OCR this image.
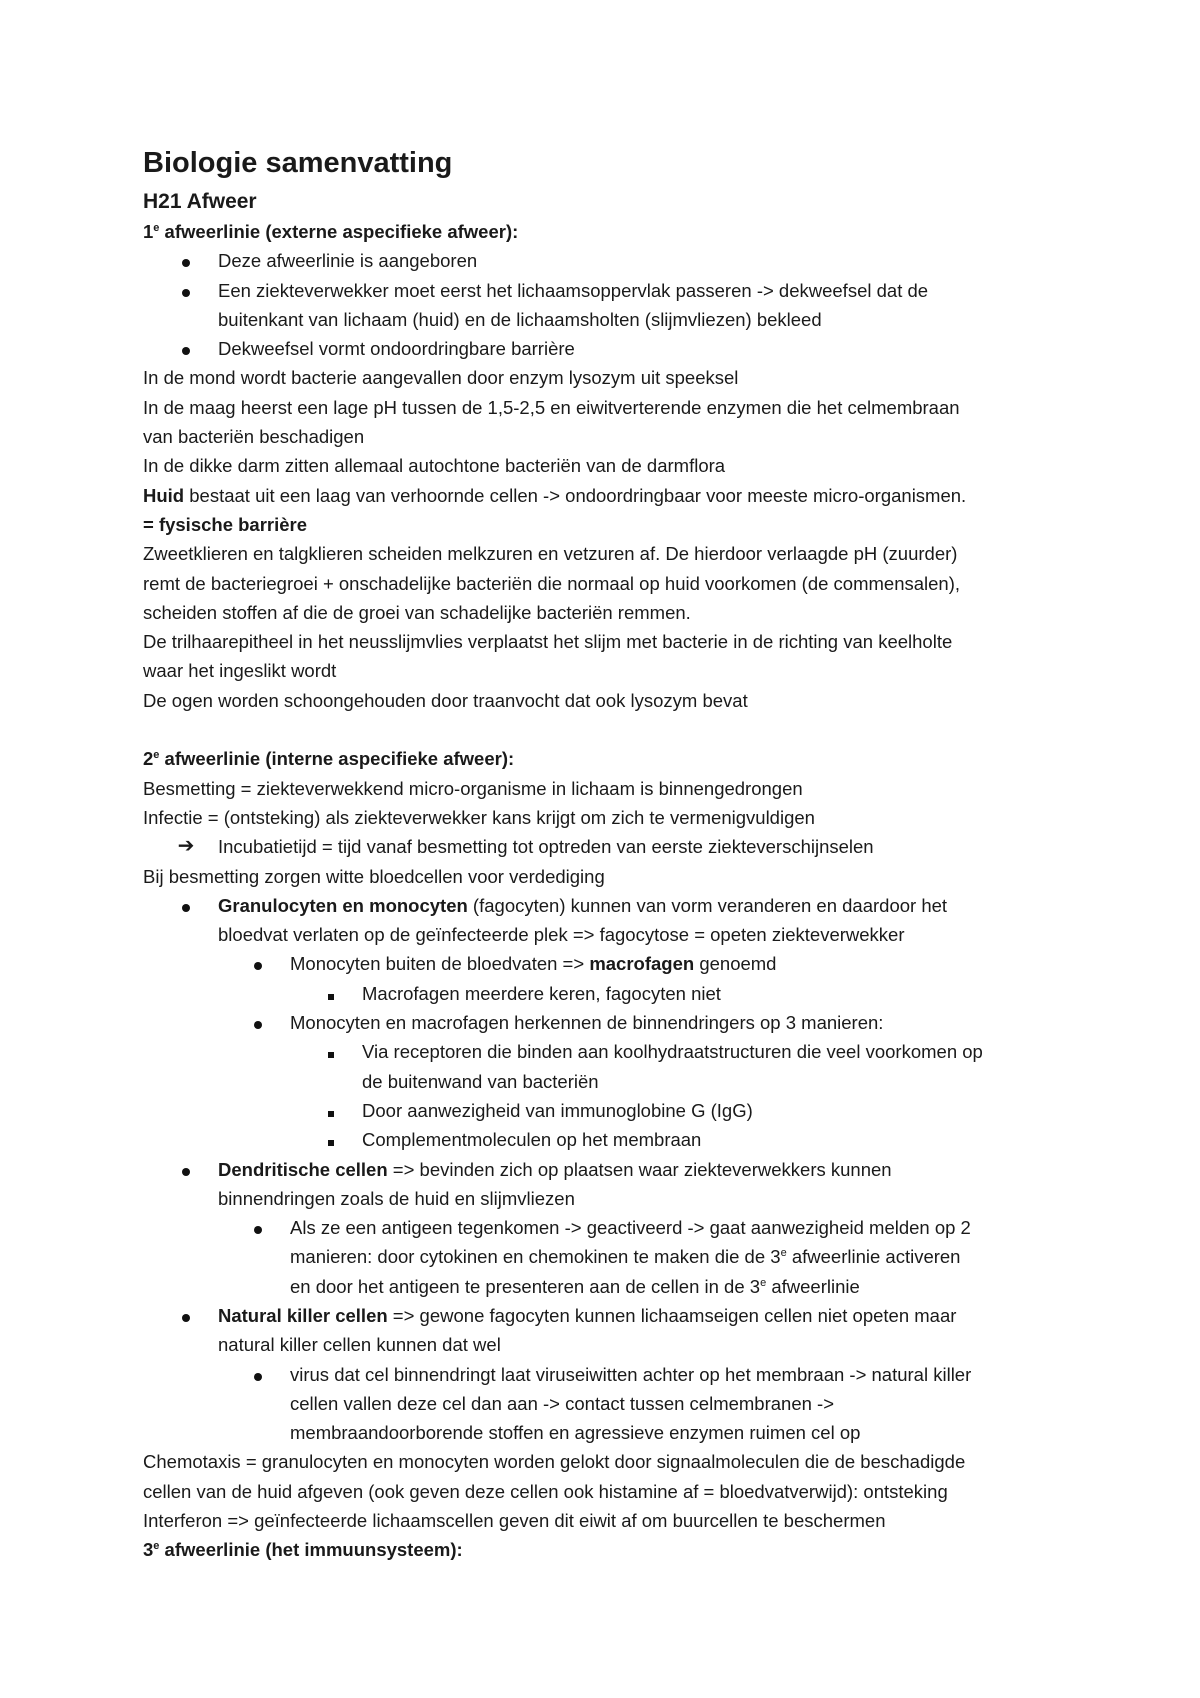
Biologie samenvatting
H21 Afweer

1e afweerlinie (externe aspecifieke afweer):

Deze afweerlinie is aangeboren
Een ziekteverwekker moet eerst het lichaamsoppervlak passeren -> dekweefsel dat de
buitenkant van lichaam (huid) en de lichaamsholten (slijmvliezen) bekleed
Dekweefsel vormt ondoordringbare barrière

In de mond wordt bacterie aangevallen door enzym lysozym uit speeksel

In de maag heerst een lage pH tussen de 1,5-2,5 en eiwitverterende enzymen die het celmembraan

van bacteriën beschadigen

In de dikke darm zitten allemaal autochtone bacteriën van de darmflora

Huid bestaat uit een laag van verhoornde cellen -> ondoordringbaar voor meeste micro-organismen.

= fysische barrière

Zweetklieren en talgklieren scheiden melkzuren en vetzuren af. De hierdoor verlaagde pH (zuurder)

remt de bacteriegroei + onschadelijke bacteriën die normaal op huid voorkomen (de commensalen),

scheiden stoffen af die de groei van schadelijke bacteriën remmen.

De trilhaarepitheel in het neusslijmvlies verplaatst het slijm met bacterie in de richting van keelholte

waar het ingeslikt wordt

De ogen worden schoongehouden door traanvocht dat ook lysozym bevat

2e afweerlinie (interne aspecifieke afweer):

Besmetting = ziekteverwekkend micro-organisme in lichaam is binnengedrongen

Infectie = (ontsteking) als ziekteverwekker kans krijgt om zich te vermenigvuldigen

➔ Incubatietijd = tijd vanaf besmetting tot optreden van eerste ziekteverschijnselen

Bij besmetting zorgen witte bloedcellen voor verdediging

Granulocyten en monocyten (fagocyten) kunnen van vorm veranderen en daardoor het
bloedvat verlaten op de geïnfecteerde plek => fagocytose = opeten ziekteverwekker
Monocyten buiten de bloedvaten => macrofagen genoemd
Macrofagen meerdere keren, fagocyten niet
Monocyten en macrofagen herkennen de binnendringers op 3 manieren:
Via receptoren die binden aan koolhydraatstructuren die veel voorkomen op
de buitenwand van bacteriën
Door aanwezigheid van immunoglobine G (IgG)
Complementmoleculen op het membraan
Dendritische cellen => bevinden zich op plaatsen waar ziekteverwekkers kunnen
binnendringen zoals de huid en slijmvliezen
Als ze een antigeen tegenkomen -> geactiveerd -> gaat aanwezigheid melden op 2
manieren: door cytokinen en chemokinen te maken die de 3e afweerlinie activeren
en door het antigeen te presenteren aan de cellen in de 3e afweerlinie
Natural killer cellen => gewone fagocyten kunnen lichaamseigen cellen niet opeten maar
natural killer cellen kunnen dat wel
virus dat cel binnendringt laat viruseiwitten achter op het membraan -> natural killer
cellen vallen deze cel dan aan -> contact tussen celmembranen ->
membraandoorborende stoffen en agressieve enzymen ruimen cel op

Chemotaxis = granulocyten en monocyten worden gelokt door signaalmoleculen die de beschadigde

cellen van de huid afgeven (ook geven deze cellen ook histamine af = bloedvatverwijd): ontsteking

Interferon => geïnfecteerde lichaamscellen geven dit eiwit af om buurcellen te beschermen

3e afweerlinie (het immuunsysteem):
